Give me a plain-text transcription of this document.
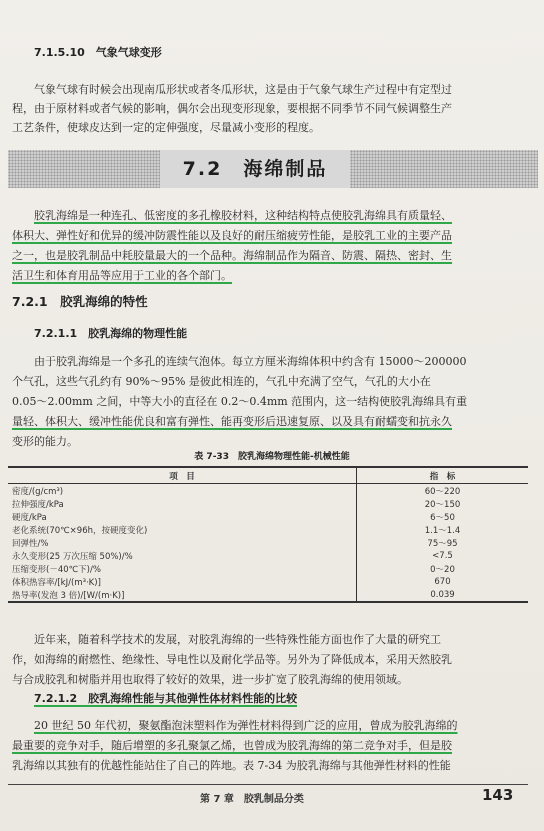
7.1.5.10　气象气球变形
气象气球有时候会出现南瓜形状或者冬瓜形状，这是由于气象气球生产过程中有定型过
程，由于原材料或者气候的影响，偶尔会出现变形现象，要根据不同季节不同气候调整生产
工艺条件，使球皮达到一定的定伸强度，尽量减小变形的程度。
7.2　海绵制品
胶乳海绵是一种连孔、低密度的多孔橡胶材料，这种结构特点使胶乳海绵具有质量轻、
体积大、弹性好和优异的缓冲防震性能以及良好的耐压缩疲劳性能，是胶乳工业的主要产品
之一，也是胶乳制品中耗胶量最大的一个品种。海绵制品作为隔音、防震、隔热、密封、生
活卫生和体育用品等应用于工业的各个部门。
7.2.1　胶乳海绵的特性
7.2.1.1　胶乳海绵的物理性能
由于胶乳海绵是一个多孔的连续气泡体。每立方厘米海绵体积中约含有 15000～200000
个气孔，这些气孔约有 90%～95% 是彼此相连的，气孔中充满了空气，气孔的大小在
0.05～2.00mm 之间，中等大小的直径在 0.2～0.4mm 范围内，这一结构使胶乳海绵具有重
量轻、体积大、缓冲性能优良和富有弹性、能再变形后迅速复原、以及具有耐蠕变和抗永久
变形的能力。
表 7-33　胶乳海绵物理性能-机械性能
项　目	指　标
密度/(g/cm³)	60～220
拉伸强度/kPa	20～150
硬度/kPa	6～50
老化系统(70℃×96h，按硬度变化)	1.1～1.4
回弹性/%	75～95
永久变形(25 万次压缩 50%)/%	<7.5
压缩变形(－40℃下)/%	0～20
体积热容率/[kJ/(m³·K)]	670
热导率(发泡 3 倍)/[W/(m·K)]	0.039
近年来，随着科学技术的发展，对胶乳海绵的一些特殊性能方面也作了大量的研究工
作，如海绵的耐燃性、绝缘性、导电性以及耐化学品等。另外为了降低成本，采用天然胶乳
与合成胶乳和树脂并用也取得了较好的效果，进一步扩宽了胶乳海绵的使用领域。
7.2.1.2　胶乳海绵性能与其他弹性体材料性能的比较
20 世纪 50 年代初，聚氨酯泡沫塑料作为弹性材料得到广泛的应用，曾成为胶乳海绵的
最重要的竞争对手，随后增塑的多孔聚氯乙烯，也曾成为胶乳海绵的第二竞争对手，但是胶
乳海绵以其独有的优越性能站住了自己的阵地。表 7-34 为胶乳海绵与其他弹性材料的性能
第 7 章　胶乳制品分类	143
